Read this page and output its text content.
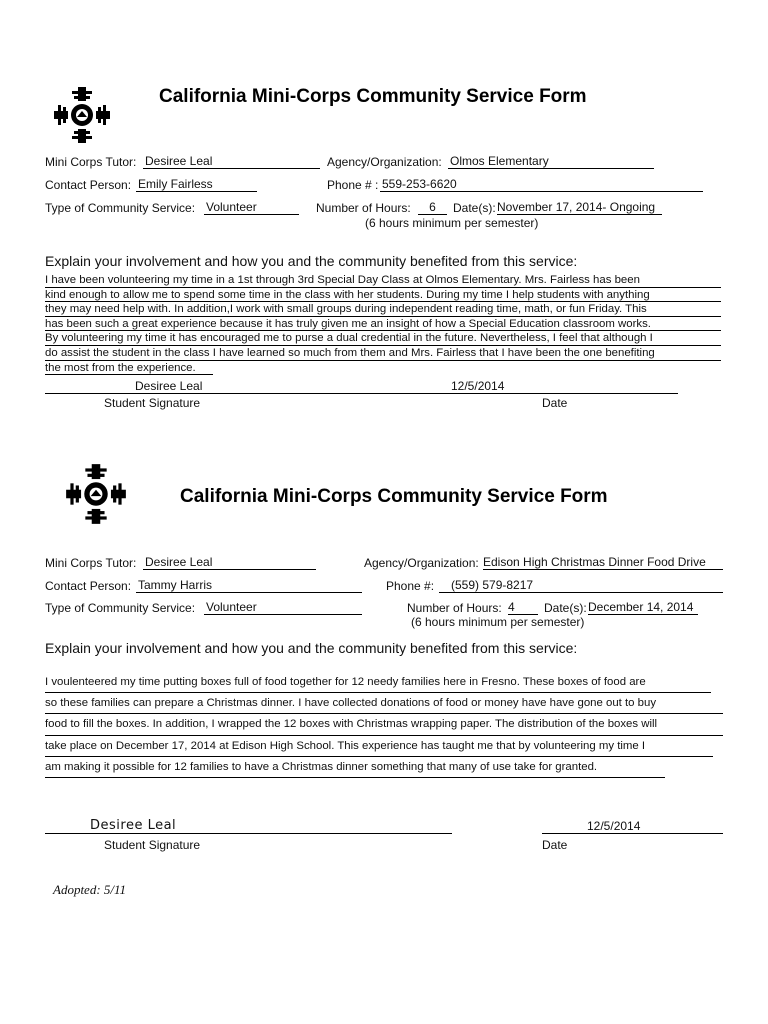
California Mini-Corps Community Service Form
Mini Corps Tutor: Desiree Leal	Agency/Organization: Olmos Elementary
Contact Person: Emily Fairless	Phone # : 559-253-6620
Type of Community Service: Volunteer	Number of Hours:	6	Date(s): November 17, 2014- Ongoing
(6 hours minimum per semester)
Explain your involvement and how you and the community benefited from this service:
I have been volunteering my time in a 1st through 3rd Special Day Class at Olmos Elementary. Mrs. Fairless has been
kind enough to allow me to spend some time in the class with her students. During my time I help students with anything
they may need help with. In addition,I work with small groups during independent reading time, math, or fun Friday. This
has been such a great experience because it has truly given me an insight of how a Special Education classroom works.
By volunteering my time it has encouraged me to purse a dual credential in the future. Nevertheless, I feel that although I
do assist the student in the class I have learned so much from them and Mrs. Fairless that I have been the one benefiting
the most from the experience.
Desiree Leal	12/5/2014
Student Signature	Date
California Mini-Corps Community Service Form
Mini Corps Tutor: Desiree Leal	Agency/Organization: Edison High Christmas Dinner Food Drive
Contact Person: Tammy Harris	Phone #:	(559) 579-8217
Type of Community Service: Volunteer	Number of Hours: 4	Date(s): December 14, 2014
(6 hours minimum per semester)
Explain your involvement and how you and the community benefited from this service:
I voulenteered my time putting boxes full of food together for 12 needy families here in Fresno. These boxes of food are
so these families can prepare a Christmas dinner. I have collected donations of food or money have have gone out to buy
food to fill the boxes. In addition, I wrapped the 12 boxes with Christmas wrapping paper. The distribution of the boxes will
take place on December 17, 2014 at Edison High School. This experience has taught me that by volunteering my time I
am making it possible for 12 families to have a Christmas dinner something that many of use take for granted.
Desiree Leal	12/5/2014
Student Signature	Date
Adopted: 5/11
